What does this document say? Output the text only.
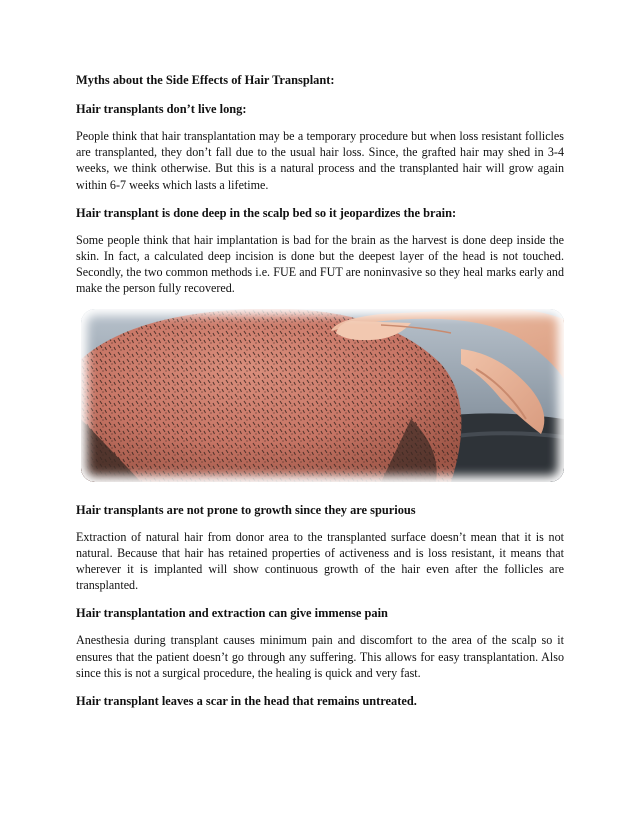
Myths about the Side Effects of Hair Transplant:
Hair transplants don’t live long:

People think that hair transplantation may be a temporary procedure but when loss resistant follicles are transplanted, they don’t fall due to the usual hair loss. Since, the grafted hair may shed in 3-4 weeks, we think otherwise. But this is a natural process and the transplanted hair will grow again within 6-7 weeks which lasts a lifetime.

Hair transplant is done deep in the scalp bed so it jeopardizes the brain:

Some people think that hair implantation is bad for the brain as the harvest is done deep inside the skin. In fact, a calculated deep incision is done but the deepest layer of the head is not touched. Secondly, the two common methods i.e. FUE and FUT are noninvasive so they heal marks early and make the person fully recovered.

Hair transplants are not prone to growth since they are spurious

Extraction of natural hair from donor area to the transplanted surface doesn’t mean that it is not natural. Because that hair has retained properties of activeness and is loss resistant, it means that wherever it is implanted will show continuous growth of the hair even after the follicles are transplanted.

Hair transplantation and extraction can give immense pain

Anesthesia during transplant causes minimum pain and discomfort to the area of the scalp so it ensures that the patient doesn’t go through any suffering. This allows for easy transplantation. Also since this is not a surgical procedure, the healing is quick and very fast.

Hair transplant leaves a scar in the head that remains untreated.
